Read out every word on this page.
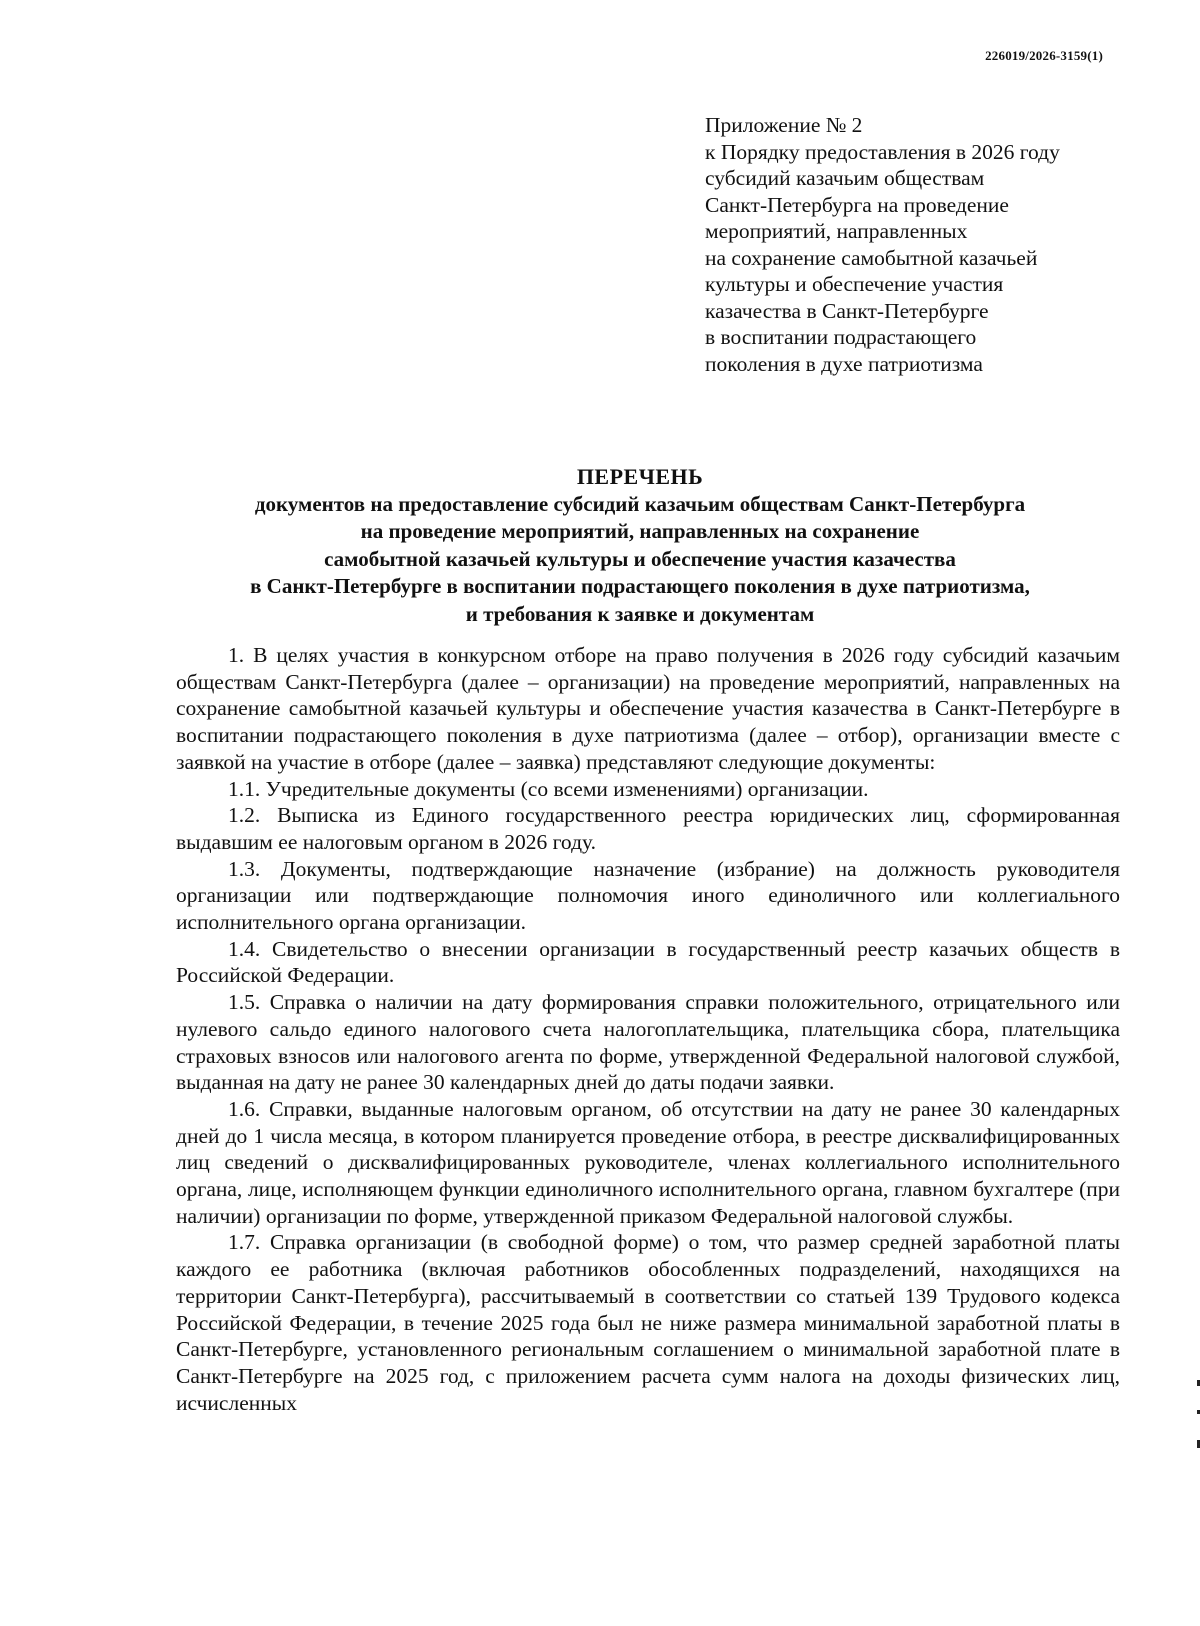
226019/2026-3159(1)
Приложение № 2
к Порядку предоставления в 2026 году
субсидий казачьим обществам
Санкт-Петербурга на проведение
мероприятий, направленных
на сохранение самобытной казачьей
культуры и обеспечение участия
казачества в Санкт-Петербурге
в воспитании подрастающего
поколения в духе патриотизма
ПЕРЕЧЕНЬ
документов на предоставление субсидий казачьим обществам Санкт-Петербурга
на проведение мероприятий, направленных на сохранение
самобытной казачьей культуры и обеспечение участия казачества
в Санкт-Петербурге в воспитании подрастающего поколения в духе патриотизма,
и требования к заявке и документам

1. В целях участия в конкурсном отборе на право получения в 2026 году субсидий казачьим обществам Санкт-Петербурга (далее – организации) на проведение мероприятий, направленных на сохранение самобытной казачьей культуры и обеспечение участия казачества в Санкт-Петербурге в воспитании подрастающего поколения в духе патриотизма (далее – отбор), организации вместе с заявкой на участие в отборе (далее – заявка) представляют следующие документы:

1.1. Учредительные документы (со всеми изменениями) организации.

1.2. Выписка из Единого государственного реестра юридических лиц, сформированная выдавшим ее налоговым органом в 2026 году.

1.3. Документы, подтверждающие назначение (избрание) на должность руководителя организации или подтверждающие полномочия иного единоличного или коллегиального исполнительного органа организации.

1.4. Свидетельство о внесении организации в государственный реестр казачьих обществ в Российской Федерации.

1.5. Справка о наличии на дату формирования справки положительного, отрицательного или нулевого сальдо единого налогового счета налогоплательщика, плательщика сбора, плательщика страховых взносов или налогового агента по форме, утвержденной Федеральной налоговой службой, выданная на дату не ранее 30 календарных дней до даты подачи заявки.

1.6. Справки, выданные налоговым органом, об отсутствии на дату не ранее 30 календарных дней до 1 числа месяца, в котором планируется проведение отбора, в реестре дисквалифицированных лиц сведений о дисквалифицированных руководителе, членах коллегиального исполнительного органа, лице, исполняющем функции единоличного исполнительного органа, главном бухгалтере (при наличии) организации по форме, утвержденной приказом Федеральной налоговой службы.

1.7. Справка организации (в свободной форме) о том, что размер средней заработной платы каждого ее работника (включая работников обособленных подразделений, находящихся на территории Санкт-Петербурга), рассчитываемый в соответствии со статьей 139 Трудового кодекса Российской Федерации, в течение 2025 года был не ниже размера минимальной заработной платы в Санкт-Петербурге, установленного региональным соглашением о минимальной заработной плате в Санкт-Петербурге на 2025 год, с приложением расчета сумм налога на доходы физических лиц, исчисленных
